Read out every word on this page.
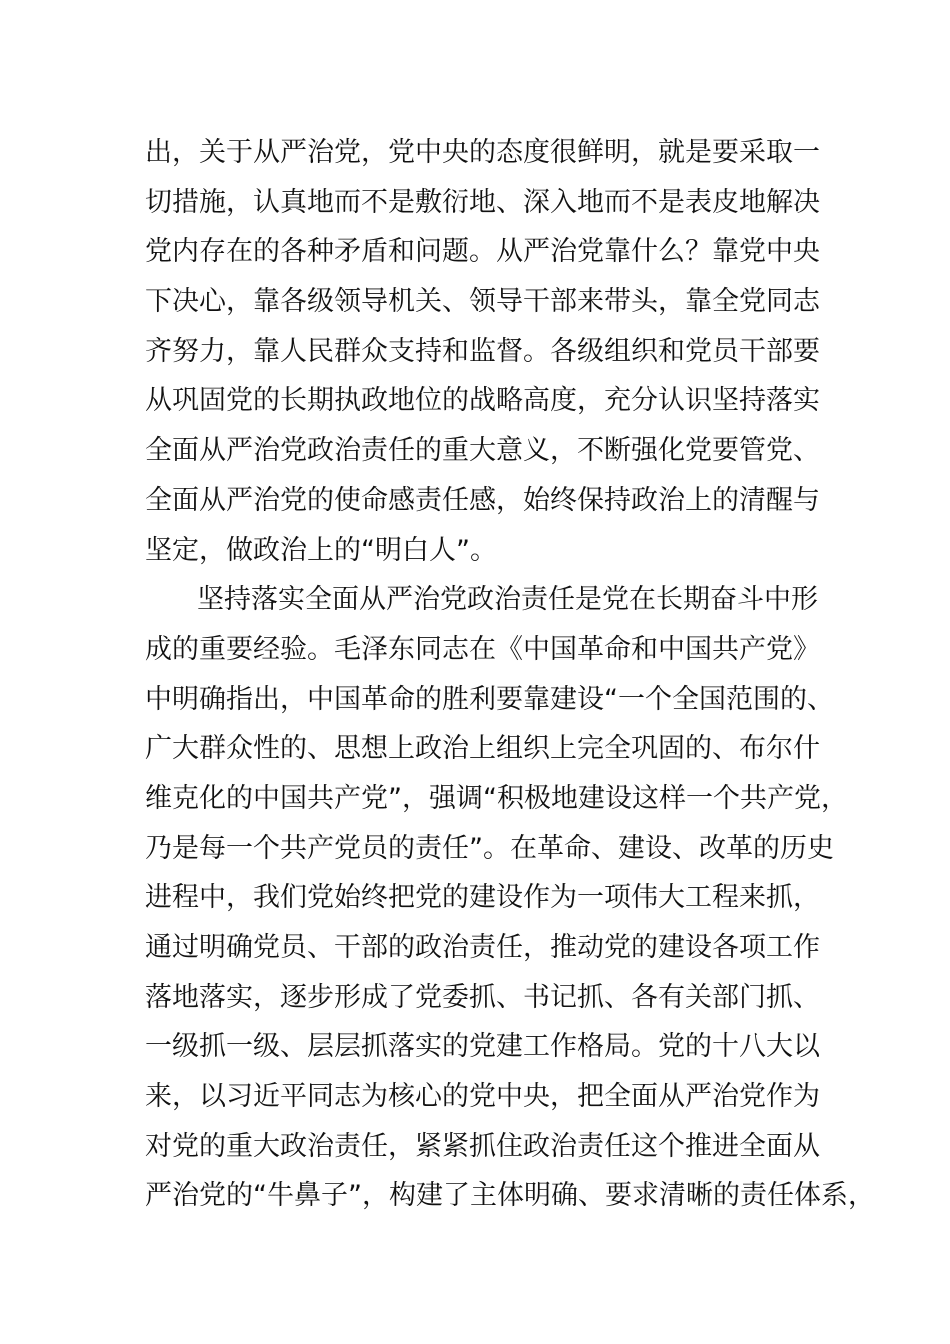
出，关于从严治党，党中央的态度很鲜明，就是要采取一
切措施，认真地而不是敷衍地、深入地而不是表皮地解决
党内存在的各种矛盾和问题。从严治党靠什么？靠党中央
下决心，靠各级领导机关、领导干部来带头，靠全党同志
齐努力，靠人民群众支持和监督。各级组织和党员干部要
从巩固党的长期执政地位的战略高度，充分认识坚持落实
全面从严治党政治责任的重大意义，不断强化党要管党、
全面从严治党的使命感责任感，始终保持政治上的清醒与
坚定，做政治上的“明白人”。
坚持落实全面从严治党政治责任是党在长期奋斗中形
成的重要经验。毛泽东同志在《中国革命和中国共产党》
中明确指出，中国革命的胜利要靠建设“一个全国范围的、
广大群众性的、思想上政治上组织上完全巩固的、布尔什
维克化的中国共产党”，强调“积极地建设这样一个共产党，
乃是每一个共产党员的责任”。在革命、建设、改革的历史
进程中，我们党始终把党的建设作为一项伟大工程来抓，
通过明确党员、干部的政治责任，推动党的建设各项工作
落地落实，逐步形成了党委抓、书记抓、各有关部门抓、
一级抓一级、层层抓落实的党建工作格局。党的十八大以
来，以习近平同志为核心的党中央，把全面从严治党作为
对党的重大政治责任，紧紧抓住政治责任这个推进全面从
严治党的“牛鼻子”，构建了主体明确、要求清晰的责任体系，
